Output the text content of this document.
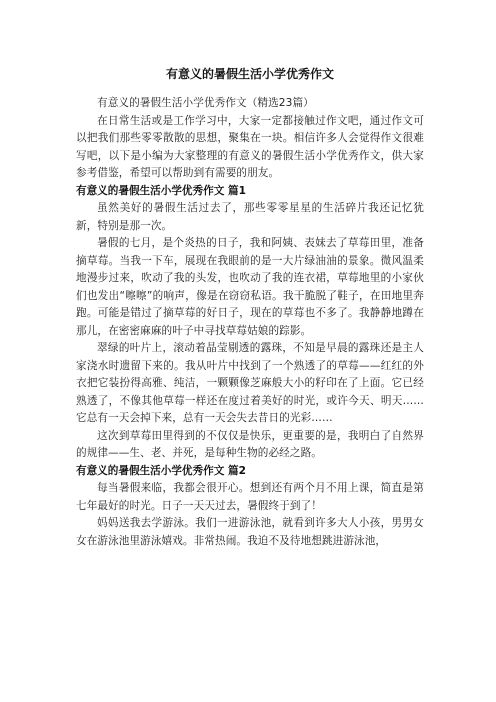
有意义的暑假生活小学优秀作文

有意义的暑假生活小学优秀作文（精选23篇）

在日常生活或是工作学习中，大家一定都接触过作文吧，通过作文可以把我们那些零零散散的思想，聚集在一块。相信许多人会觉得作文很难写吧，以下是小编为大家整理的有意义的暑假生活小学优秀作文，供大家参考借鉴，希望可以帮助到有需要的朋友。

有意义的暑假生活小学优秀作文 篇1

虽然美好的暑假生活过去了，那些零零星星的生活碎片我还记忆犹新，特别是那一次。

暑假的七月，是个炎热的日子，我和阿姨、表妹去了草莓田里，准备摘草莓。当我一下车，展现在我眼前的是一大片绿油油的景象。微风温柔地漫步过来，吹动了我的头发，也吹动了我的连衣裙，草莓地里的小家伙们也发出“嚓嚓”的响声，像是在窃窃私语。我干脆脱了鞋子，在田地里奔跑。可能是错过了摘草莓的好日子，现在的草莓也不多了。我静静地蹲在那儿，在密密麻麻的叶子中寻找草莓姑娘的踪影。

翠绿的叶片上，滚动着晶莹剔透的露珠，不知是早晨的露珠还是主人家浇水时遗留下来的。我从叶片中找到了一个熟透了的草莓——红红的外衣把它装扮得高雅、纯洁，一颗颗像芝麻般大小的籽印在了上面。它已经熟透了，不像其他草莓一样还在度过着美好的时光，或许今天、明天……它总有一天会掉下来，总有一天会失去昔日的光彩……

这次到草莓田里得到的不仅仅是快乐，更重要的是，我明白了自然界的规律——生、老、并死，是每种生物的必经之路。

有意义的暑假生活小学优秀作文 篇2

每当暑假来临，我都会很开心。想到还有两个月不用上课，简直是第七年最好的时光。日子一天天过去，暑假终于到了！

妈妈送我去学游泳。我们一进游泳池，就看到许多大人小孩，男男女女在游泳池里游泳嬉戏。非常热闹。我迫不及待地想跳进游泳池，
